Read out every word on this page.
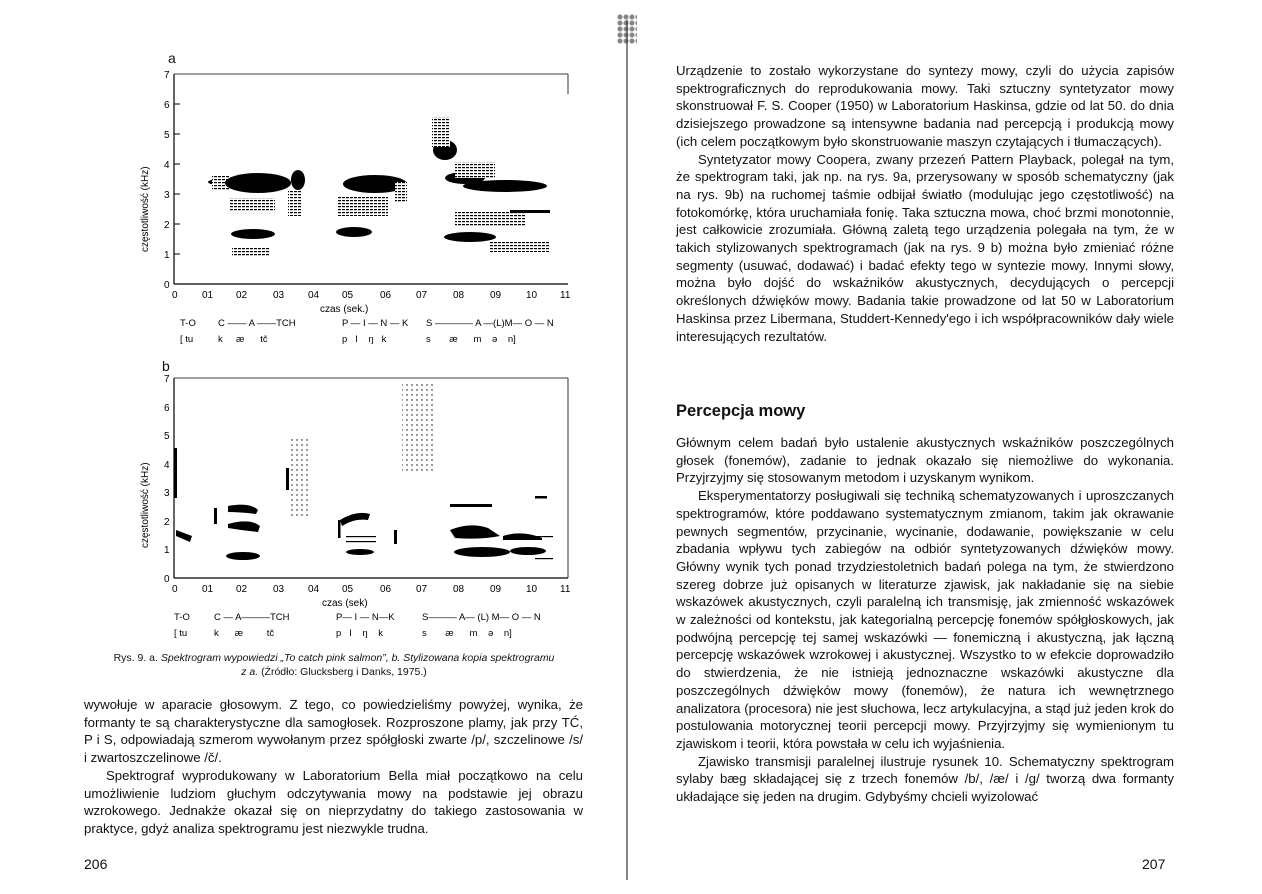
a
0
1
2
3
4
5
6
7
częstotliwość (kHz)
0 01 02	03 04 05	06 07	08	09 10 11
czas (sek.)
T-O C —— A ——TCH	P — I — N — K S ———— A —(L)M— O — N
[ tu	k     æ      tč	p   I    ŋ   k	s       æ      m    ə    n]
b
0
1
2
3
4
5
6
7
częstotliwość (kHz)
0 01 02	03 04 05	06 07	08	09 10 11
czas (sek)
T-O	C — A———TCH	P— I — N—K	S——— A— (L) M— O — N
[ tu	k      æ         tč	p   I    ŋ    k	s       æ      m    ə    n]
Rys. 9. a. Spektrogram wypowiedzi „To catch pink salmon”, b. Stylizowana kopia spektrogramu
z a. (Źródło: Glucksberg i Danks, 1975.)

wywołuje w aparacie głosowym. Z tego, co powiedzieliśmy powyżej, wynika, że formanty te są charakterystyczne dla samogłosek. Rozproszone plamy, jak przy TĆ, P i S, odpowiadają szmerom wywołanym przez spółgłoski zwarte /p/, szczelinowe /s/ i zwartoszczelinowe /č/.

Spektrograf wyprodukowany w Laboratorium Bella miał początkowo na celu umożliwienie ludziom głuchym odczytywania mowy na podstawie jej obrazu wzrokowego. Jednakże okazał się on nieprzydatny do takiego zastosowania w praktyce, gdyż analiza spektrogramu jest niezwykle trudna.

206

Urządzenie to zostało wykorzystane do syntezy mowy, czyli do użycia zapisów spektrograficznych do reprodukowania mowy. Taki sztuczny syntetyzator mowy skonstruował F. S. Cooper (1950) w Laboratorium Haskinsa, gdzie od lat 50. do dnia dzisiejszego prowadzone są intensywne badania nad percepcją i produkcją mowy (ich celem początkowym było skonstruowanie maszyn czytających i tłumaczących).

Syntetyzator mowy Coopera, zwany przezeń Pattern Playback, polegał na tym, że spektrogram taki, jak np. na rys. 9a, przerysowany w sposób schematyczny (jak na rys. 9b) na ruchomej taśmie odbijał światło (modulując jego częstotliwość) na fotokomórkę, która uruchamiała fonię. Taka sztuczna mowa, choć brzmi monotonnie, jest całkowicie zrozumiała. Główną zaletą tego urządzenia polegała na tym, że w takich stylizowanych spektrogramach (jak na rys. 9 b) można było zmieniać różne segmenty (usuwać, dodawać) i badać efekty tego w syntezie mowy. Innymi słowy, można było dojść do wskaźników akustycznych, decydujących o percepcji określonych dźwięków mowy. Badania takie prowadzone od lat 50 w Laboratorium Haskinsa przez Libermana, Studdert-Kennedy'ego i ich współpracowników dały wiele interesujących rezultatów.

Percepcja mowy

Głównym celem badań było ustalenie akustycznych wskaźników poszczególnych głosek (fonemów), zadanie to jednak okazało się niemożliwe do wykonania. Przyjrzyjmy się stosowanym metodom i uzyskanym wynikom.

Eksperymentatorzy posługiwali się techniką schematyzowanych i uproszczanych spektrogramów, które poddawano systematycznym zmianom, takim jak okrawanie pewnych segmentów, przycinanie, wycinanie, dodawanie, powiększanie w celu zbadania wpływu tych zabiegów na odbiór syntetyzowanych dźwięków mowy. Główny wynik tych ponad trzydziestoletnich badań polega na tym, że stwierdzono szereg dobrze już opisanych w literaturze zjawisk, jak nakładanie się na siebie wskazówek akustycznych, czyli paralelną ich transmisję, jak zmienność wskazówek w zależności od kontekstu, jak kategorialną percepcję fonemów spółgłoskowych, jak podwójną percepcję tej samej wskazówki — fonemiczną i akustyczną, jak łączną percepcję wskazówek wzrokowej i akustycznej. Wszystko to w efekcie doprowadziło do stwierdzenia, że nie istnieją jednoznaczne wskazówki akustyczne dla poszczególnych dźwięków mowy (fonemów), że natura ich wewnętrznego analizatora (procesora) nie jest słuchowa, lecz artykulacyjna, a stąd już jeden krok do postulowania motorycznej teorii percepcji mowy. Przyjrzyjmy się wymienionym tu zjawiskom i teorii, która powstała w celu ich wyjaśnienia.

Zjawisko transmisji paralelnej ilustruje rysunek 10. Schematyczny spektrogram sylaby bæg składającej się z trzech fonemów /b/, /æ/ i /g/ tworzą dwa formanty układające się jeden na drugim. Gdybyśmy chcieli wyizolować

207
